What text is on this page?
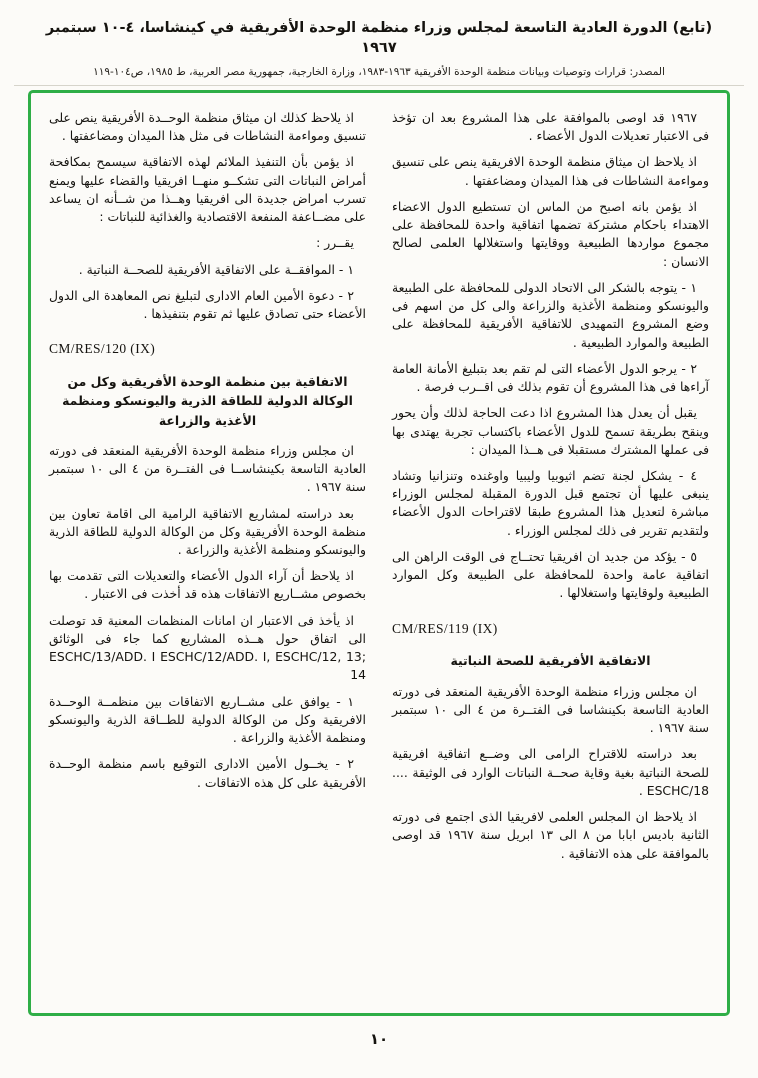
(تابع) الدورة العادية التاسعة لمجلس وزراء منظمة الوحدة الأفريقية في كينشاسا، ٤-١٠ سبتمبر ١٩٦٧
المصدر: قرارات وتوصيات وبيانات منظمة الوحدة الأفريقية ١٩٦٣-١٩٨٣، وزارة الخارجية، جمهورية مصر العربية، ط ١٩٨٥، ص١٠٤-١١٩

١٩٦٧ قد اوصى بالموافقة على هذا المشروع بعد ان تؤخذ فى الاعتبار تعديلات الدول الأعضاء .

اذ يلاحظ ان ميثاق منظمة الوحدة الافريقية ينص على تنسيق ومواءمة النشاطات فى هذا الميدان ومضاعفتها .

اذ يؤمن بانه اصبح من الماس ان تستطيع الدول الاعضاء الاهتداء باحكام مشتركة تضمها اتفاقية واحدة للمحافظة على مجموع مواردها الطبيعية ووقايتها واستغلالها العلمى لصالح الانسان :

١ - يتوجه بالشكر الى الاتحاد الدولى للمحافظة على الطبيعة واليونسكو ومنظمة الأغذية والزراعة والى كل من اسهم فى وضع المشروع التمهيدى للاتفاقية الأفريقية للمحافظة على الطبيعة والموارد الطبيعية .

٢ - يرجو الدول الأعضاء التى لم تقم بعد بتبليغ الأمانة العامة آراءها فى هذا المشروع أن تقوم بذلك فى اقــرب فرصة .

يقبل أن يعدل هذا المشروع اذا دعت الحاجة لذلك وأن يحور وينقح بطريقة تسمح للدول الأعضاء باكتساب تجربة يهتدى بها فى عملها المشترك مستقبلا فى هــذا الميدان :

٤ - يشكل لجنة تضم اثيوبيا وليبيا واوغنده وتنزانيا وتشاد ينبغى عليها أن تجتمع قبل الدورة المقبلة لمجلس الوزراء مباشرة لتعديل هذا المشروع طبقا لاقتراحات الدول الأعضاء ولتقديم تقرير فى ذلك لمجلس الوزراء .

٥ - يؤكد من جديد ان افريقيا تحتــاج فى الوقت الراهن الى اتفاقية عامة واحدة للمحافظة على الطبيعة وكل الموارد الطبيعية ولوقايتها واستغلالها .

CM/RES/119 (IX)

الاتفاقية الأفريقية للصحة النباتية

ان مجلس وزراء منظمة الوحدة الأفريقية المنعقد فى دورته العادية التاسعة بكينشاسا فى الفتــرة من ٤ الى ١٠ سبتمبر سنة ١٩٦٧ .

بعد دراسته للاقتراح الرامى الى وضــع اتفاقية افريقية للصحة النباتية بغية وقاية صحــة النباتات الوارد فى الوثيقة .... ESCHC/18 .

اذ يلاحظ ان المجلس العلمى لافريقيا الذى اجتمع فى دورته الثانية باديس ابابا من ٨ الى ١٣ ابريل سنة ١٩٦٧ قد اوصى بالموافقة على هذه الاتفاقية .

اذ يلاحظ كذلك ان ميثاق منظمة الوحــدة الأفريقية ينص على تنسيق ومواءمة النشاطات فى مثل هذا الميدان ومضاعفتها .

اذ يؤمن بأن التنفيذ الملائم لهذه الاتفاقية سيسمح بمكافحة أمراض النباتات التى تشكــو منهــا افريقيا والقضاء عليها ويمنع تسرب امراض جديدة الى افريقيا وهــذا من شــأنه ان يساعد على مضــاعفة المنفعة الاقتصادية والغذائية للنباتات :

يقــرر :

١ - الموافقــة على الاتفاقية الأفريقية للصحــة النباتية .

٢ - دعوة الأمين العام الادارى لتبليغ نص المعاهدة الى الدول الأعضاء حتى تصادق عليها ثم تقوم بتنفيذها .

CM/RES/120 (IX)

الاتفاقية بين منظمة الوحدة الأفريقية وكل من الوكالة الدولية للطاقة الذرية واليونسكو ومنظمة الأغذية والزراعة

ان مجلس وزراء منظمة الوحدة الأفريقية المنعقد فى دورته العادية التاسعة بكينشاســا فى الفتــرة من ٤ الى ١٠ سبتمبر سنة ١٩٦٧ .

بعد دراسته لمشاريع الاتفاقية الرامية الى اقامة تعاون بين منظمة الوحدة الأفريقية وكل من الوكالة الدولية للطاقة الذرية واليونسكو ومنظمة الأغذية والزراعة .

اذ يلاحظ أن آراء الدول الأعضاء والتعديلات التى تقدمت بها بخصوص مشــاريع الاتفاقات هذه قد أخذت فى الاعتبار .

اذ يأخذ فى الاعتبار ان امانات المنظمات المعنية قد توصلت الى اتفاق حول هــذه المشاريع كما جاء فى الوثائق ESCHC/13/ADD. I ESCHC/12/ADD. I, ESCHC/12, 13; 14

١ - يوافق على مشــاريع الاتفاقات بين منظمــة الوحــدة الافريقية وكل من الوكالة الدولية للطــاقة الذرية واليونسكو ومنظمة الأغذية والزراعة .

٢ - يخــول الأمين الادارى التوقيع باسم منظمة الوحــدة الأفريقية على كل هذه الاتفاقات .

١٠
